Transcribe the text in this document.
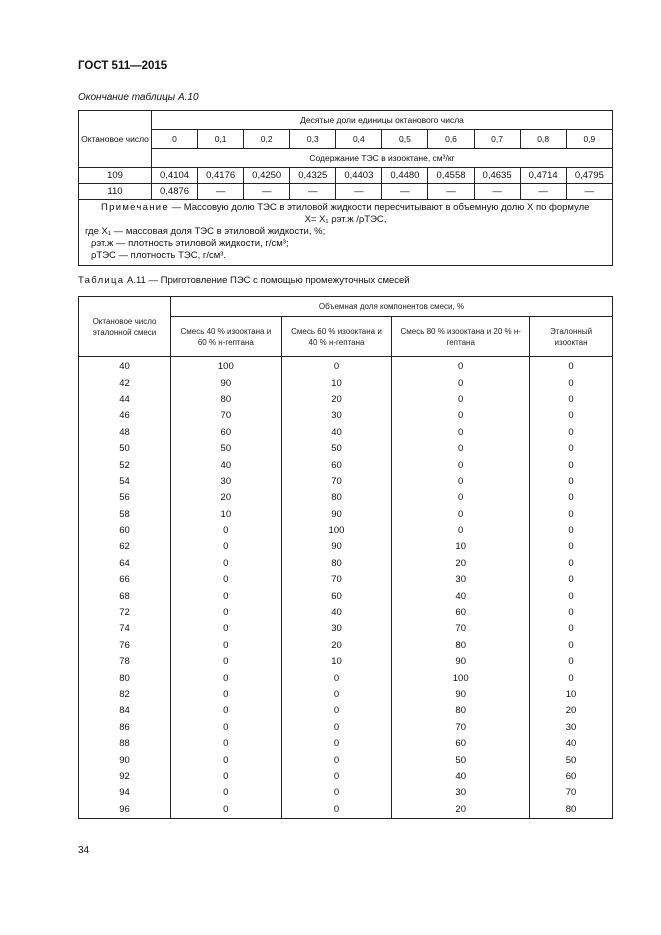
ГОСТ 511—2015
Окончание таблицы А.10
Октановое число	Десятые доли единицы октанового числа									
	0	0,1	0,2	0,3	0,4	0,5	0,6	0,7	0,8	0,9
	Содержание ТЭС в изооктане, см³/кг									
109	0,4104	0,4176	0,4250	0,4325	0,4403	0,4480	0,4558	0,4635	0,4714	0,4795
110	0,4876	—	—	—	—	—	—	—	—	—

Примечание — Массовую долю ТЭС в этиловой жидкости пересчитывают в объемную долю X по формуле
X= X₁ ρэт.ж /ρТЭС,
где X₁ — массовая доля ТЭС в этиловой жидкости, %;
ρэт.ж — плотность этиловой жидкости, г/см³;
ρТЭС — плотность ТЭС, г/см³.										
Таблица А.11 — Приготовление ПЭС с помощью промежуточных смесей
Октановое число эталонной смеси	Объемная доля компонентов смеси, %			
	Смесь 40 % изооктана и 60 % н-гептана	Смесь 60 % изооктана и 40 % н-гептана	Смесь 80 % изооктана и 20 % н-гептана	Эталонный изооктан
40	100	0	0	0
42	90	10	0	0
44	80	20	0	0
46	70	30	0	0
48	60	40	0	0
50	50	50	0	0
52	40	60	0	0
54	30	70	0	0
56	20	80	0	0
58	10	90	0	0
60	0	100	0	0
62	0	90	10	0
64	0	80	20	0
66	0	70	30	0
68	0	60	40	0
72	0	40	60	0
74	0	30	70	0
76	0	20	80	0
78	0	10	90	0
80	0	0	100	0
82	0	0	90	10
84	0	0	80	20
86	0	0	70	30
88	0	0	60	40
90	0	0	50	50
92	0	0	40	60
94	0	0	30	70
96	0	0	20	80
34
